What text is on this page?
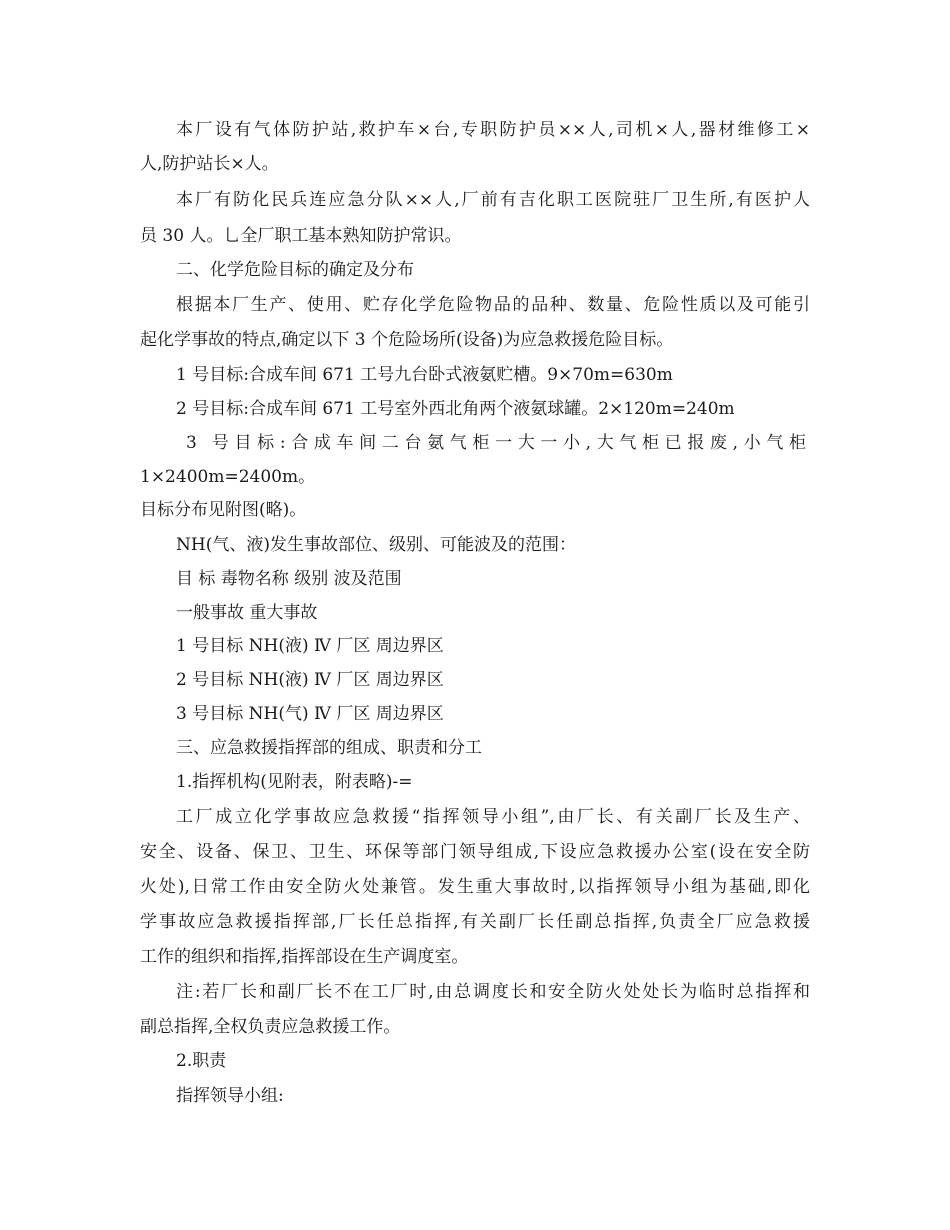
本厂设有气体防护站,救护车×台,专职防护员××人,司机×人,器材维修工×
人,防护站长×人。
本厂有防化民兵连应急分队××人,厂前有吉化职工医院驻厂卫生所,有医护人
员 30 人。乚全厂职工基本熟知防护常识。
二、化学危险目标的确定及分布
根据本厂生产、使用、贮存化学危险物品的品种、数量、危险性质以及可能引
起化学事故的特点,确定以下 3 个危险场所(设备)为应急救援危险目标。
1 号目标:合成车间 671 工号九台卧式液氨贮槽。9×70m=630m
2 号目标:合成车间 671 工号室外西北角两个液氨球罐。2×120m=240m
3 号目标:合成车间二台氨气柜一大一小,大气柜已报废,小气柜
1×2400m=2400m。
目标分布见附图(略)。
NH(气、液)发生事故部位、级别、可能波及的范围：
目 标 毒物名称 级别 波及范围
一般事故 重大事故
1 号目标 NH(液) Ⅳ 厂区 周边界区
2 号目标 NH(液) Ⅳ 厂区 周边界区
3 号目标 NH(气) Ⅳ 厂区 周边界区
三、应急救援指挥部的组成、职责和分工
1.指挥机构(见附表，附表略)-=
工厂成立化学事故应急救援“指挥领导小组”,由厂长、有关副厂长及生产、
安全、设备、保卫、卫生、环保等部门领导组成,下设应急救援办公室(设在安全防
火处),日常工作由安全防火处兼管。发生重大事故时,以指挥领导小组为基础,即化
学事故应急救援指挥部,厂长任总指挥,有关副厂长任副总指挥,负责全厂应急救援
工作的组织和指挥,指挥部设在生产调度室。
注:若厂长和副厂长不在工厂时,由总调度长和安全防火处处长为临时总指挥和
副总指挥,全权负责应急救援工作。
2.职责
指挥领导小组:
